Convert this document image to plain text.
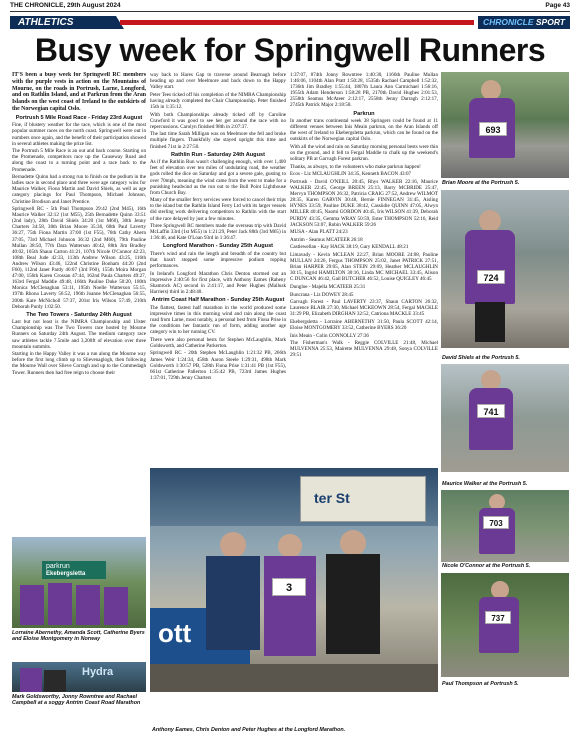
THE CHRONICLE, 29th August 2024	Page 43
ATHLETICS	CHRONICLE SPORT
Busy week for Springwell Runners

IT'S been a busy week for Springwell RC members with the purple vests in action on the Mountains of Mourne, on the roads in Portrush, Larne, Longford, and on Rathlin Island, and at Parkrun from the Aran Islands on the west coast of Ireland to the outskirts of the Norwegian capital Oslo.

Portrush 5 Mile Road Race - Friday 23rd August

Fine, if blustery weather for the race, which is one of the most popular summer races on the north coast. Springwell were out in numbers once again, and the benefit of their participation showed in several athletes making the prize list.

The Portrush 5 Mile Race is an out and back course. Starting on the Promenade, competitors race up the Causeway Road and along the coast to a turning point and a race back to the Promenade.

Bernadette Quinn had a strong run to finish on the podium in the ladies race in second place and three were age category wins for Maurice Walker, Fiona Martin and David Shiels, as well as age category placings for Paul Thompson, Michael Johnson, Christine Brodison and Janet Prentice.

Springwell RC - 5th Paul Thompson 29:42 (2nd M45), 16th Maurice Walker 32:12 (1st M55), 25th Bernadette Quinn 33:51 (2nd lady), 28th David Shiels 34:20 (1st M60), 30th Jenny Charters 34:58, 38th Brian Moore 35:36, 68th Paul Laverty 36:27, 75th Fiona Martin 37:00 (1st F55), 76th Cathy Ahern 37:05, 73rd Michael Johnson 36:32 (2nd M60), 79th Pauline Mullan 38:50, 77th Dara Watterson 40:42, 88th Jim Bradley 40:02, 105th Shaun Carton 41:21, 107th Nicole O'Connor 42:23, 108th Beal Jude 42:33, 113th Andrew Wilson 43:25, 116th Andrew Wilson 43:46, 122nd Christine Bonham 44:20 (2nd F60), 112nd Janet Pardy 46:07 (3rd F60), 155th Moira Morgan 47:00, 156th Karen Crossan 47:44, 162nd Paula Charters 49:27, 163rd Fergal Maddie 49:48, 166th Pauline Duke 50:20, 180th Monica McClenaghan 53:11, 195th Noelle Watterson 55:15, 197th Rhona Laverty 56:52, 196th Joanne McClenaghan 56:55, 200th Kate McNicholl 57:37, 201st Iris Wilson 57:49, 210th Deborah Purdy 1:02:50.

The Two Towers - Saturday 24th August

Last but not least is the NIMRA Championship and Ulster Championship was The Two Towers race hosted by Mourne Runners on Saturday 24th August. The medium category race saw athletes tackle 7.5mile and 3,200ft of elevation over three mountain summits.

Starting in the Happy Valley it was a run along the Mourne way before the first long climb up to Slievenaglogh, then following the Mourne Wall over Slieve Corragh and up to the Commedagh Tower. Runners then had free reign to choose their

way back to Hares Gap to traverse around Bearnagh before heading up and over Meelmore and back down to the Happy Valley start.

Peter Tees ticked off his completion of the NIMRA Championship having already completed the Chair Championship. Peter finished 15th in 1:35:12.

With both Championships already ticked off by Caroline Crawford it was good to see her get around the race with no repercussions. Carolyn finished 98th in 2:07:37.

The last time Sarah Milligan was on Meelmore she fell and broke multiple fingers. Thankfully she stayed upright this time and finished 71st in 2:27:50.

Rathlin Run - Saturday 24th August

As if the Rathlin Run wasn't challenging enough, with over 1,400 feet of elevation over ten miles of undulating road, the weather gods rolled the dice on Saturday and got a severe gale, gusting to over 70mph, meaning the wind came from the west to make for a punishing headwind as the run out to the Bull Point Lighthouse from Church Bay.

Many of the smaller ferry services were forced to cancel their trips to the island but the Rathlin Island Ferry Ltd with its larger vessels did sterling work delivering competitors to Rathlin with the start of the race delayed by just a few minutes.

Three Springwell RC members made the overseas trip with David McLaffin 33rd (1st M55) in 1:21:29, Peter Jack 88th (3rd M65) in 1:36:46, and Kate O'Loan 93rd in 1:36:47.

Longford Marathon - Sunday 25th August

There's wind and rain the length and breadth of the country but that hasn't stopped some impressive podium topping performances.

In Ireland's Longford Marathon Chris Denton stormed out an impressive 2:40:56 for first place, with Anthony Eames (Raheny Shamrock AC) second in 2:41:17, and Peter Hughes (Mallusk Harriers) third in 2:48:40.

Antrim Coast Half Marathon - Sunday 25th August

The flattest, fastest half marathon in the world produced some impressive times in this morning wind and rain along the coast road from Larne, most notably, a personal best from Fiona Prise in the conditions her fantastic run of form, adding another age category win to her running CV.

There were also personal bests for Stephen McLaughlin, Mark Goldsworth, and Catherine Parkerton.

Springwell RC - 20th Stephen McLaughlin 1:21:32 PB, 266th James Weir 1:24:34, 458th Aaron Steele 1:29:31, 498th Mark Goldsworth 1:30:57 PB, 528th Fiona Prise 1:31:41 PB (1st F55), 661st Catherine Pallerton 1:35:42 PB, 723rd James Hughes 1:37:01, 729th Jenny Charters

1:37:07, 874th Jonny Rowntree 1:40:30, 1166th Pauline Mullan 1:46:06, 1104th Alan Pratt 1:50:28, 1535th Rachael Campbell 1:52:32, 1736th Jim Bradley 1:55:44, 1807th Laura Ann Carmichael 1:56:16, 1955th Adam Henderson 1:58:28 PB, 2170th David Hughes 2:01:53, 2558th Seamus McAteer 2:12:17, 2558th Jenny Darragh 2:12:17, 2745th Patrick Major 2:18:58.

Parkrun

In another trans continental week 38 Springers could be found at 11 different venues between Inis Meain parkrun, on the Aran Islands off the west of Ireland to Ekebergsletta parkrun, which can be found on the outskirts of the Norwegian capital Oslo.

With all the wind and rain on Saturday morning personal bests were thin on the ground, and it fell to Fergal Maddie to chalk up the weekend's solitary PB at Garvagh Forest parkrun.

Thanks, as always, to the volunteers who make parkrun happen!

Ecos - Liz MCLAUGHLIN 34:35, Kenneth BACON 43:07

Portrush - David O'NEILL 20:45, Rhys WALKER 22:16, Maurice WALKER 22:45, George BREEN 25:13, Barry MCBRIDE 25:47, Mervyn THOMPSON 26:32, Patricia CRAIG 27:52, Andrew WILMOT 28:35, Karen GARVIN 30:48, Bernie FINNEGAN 31:45, Aisling HYNES 33:59, Pauline DUKE 38:42, Cassiidie QUINN 47:05, Alwyn MILLER 40:45, Naomi GORDON 40:45, Iris WILSON 41:39, Deborah PURDY 43:35, Gemma WRAY 50:59, Ester THOMPSON 52:16, Reid JACKSON 53:07, Robin WALKER 59:26

MUSA - Alan PLATT 24:23

Antrim - Seamus MCATEER 26:18

Castlewellan - Kay HACK 38:19, Gary KENDALL 48:21

Limavady - Kevin MCLEAN 22:27, Brian MOORE 24:08, Pauline MULLAN 24:26, Fergus THOMPSON 25:02, Janet PATRICK 27:51, Brian HARPER 29:05, Alan STEIN 29:09, Heather MCLAUGHLIN 30:15, Ingrid HAMILTON 30:16, Linda MC MICHAEL 33:45, Alison C DUNCAN 46:42, Gail BUTCHER 46:52, Louise QUIGLEY 46:45

Dungloe - Majella MCATEER 25:31

Buncrana - Liz DOWEY 28:45

Garvagh Forest - Paul LAVERTY 23:37, Shaun CARTON 26:32, Laurence BLAIR 27:30, Michael MCKEOWN 28:54, Fergal MACKLE 31:29 PB, Elizabeth DIRGHAN 32:52, Catriona MACKLE 33:45

Ekebergsletta - Lorraine ABERNETHY 31:50, Paula SCOTT 42:14, Eloise MONTGOMERY 33:52, Catherine BYERS 36:20

Inis Meain - Colin CONNOLLY 27:36

The Fisherman's Walk - Reggie COLVILLE 21:48, Michael MULVENNA 25:53, Mairette MULVENNA 29:48, Sonya COLVILLE 29:51

693
Brian Moore at the Portrush 5.
724
David Shiels at the Portrush 5.
741
Maurice Walker at the Portrush 5.
703
Nicole O'Connor at the Portrush 5.
737
Paul Thompson at Portrush 5.
parkrun
Ekebergsletta
Lorraine Abernethy, Amanda Scott, Catherine Byers and Eloise Montgomery in Norway
Hydra
Mark Goldsworthy, Jonny Rowntree and Rachael Campbell at a soggy Antrim Coast Road Marathon
ter St
ott
3
Anthony Eames, Chris Denton and Peter Hughes at the Longford Marathon.
